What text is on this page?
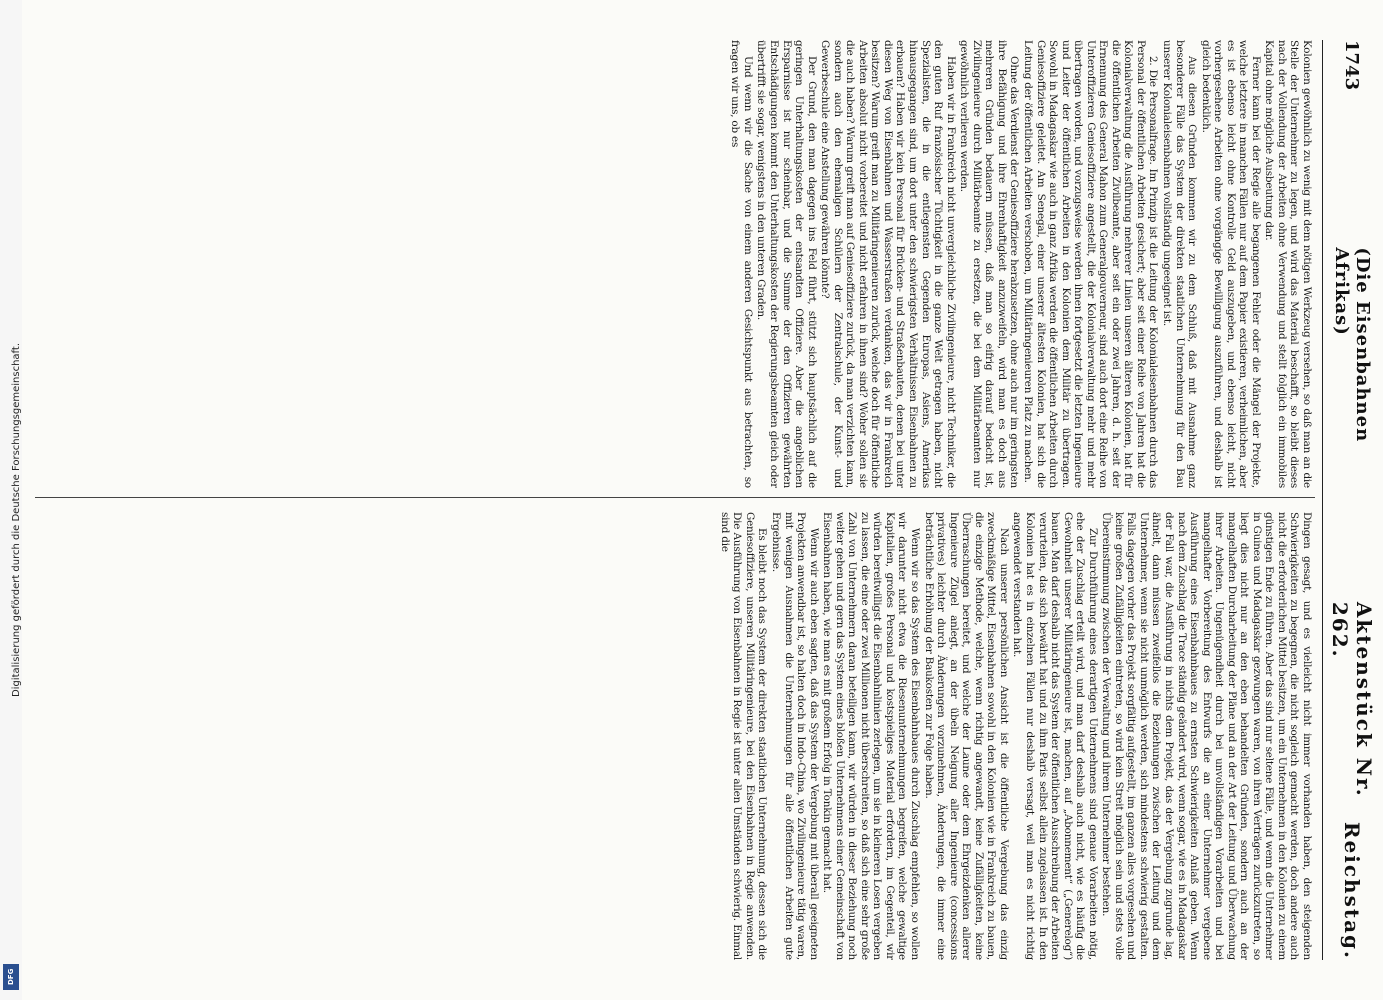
Digitalisierung gefördert durch die Deutsche Forschungsgemeinschaft.
DFG
1743
(Die Eisenbahnen Afrikas)
Aktenstück Nr. 262.
Reichstag.

Dingen gesagt, und es vielleicht nicht immer vorhanden haben, den steigenden Schwierigkeiten zu begegnen, die nicht sogleich gemacht werden, doch andere auch nicht die erforderlichen Mittel besitzen, um ein Unternehmen in den Kolonien zu einem günstigen Ende zu führen. Aber das sind nur seltene Fälle, und wenn die Unternehmer in Guinea und Madagaskar gezwungen waren, von ihren Verträgen zurückzutreten, so liegt dies nicht nur an den eben behandelten Gründen, sondern auch an der mangelhaften Durcharbeitung der Pläne und an der Art der Leitung und Überwachung ihrer Arbeiten. Ungenügendheit durch bei unvollständigen Vorarbeiten und bei mangelhafter Vorbereitung des Entwurfs die an einer Unternehmer vergebene Ausführung eines Eisenbahnbaues zu ernsten Schwierigkeiten Anlaß geben. Wenn nach dem Zuschlag die Trace ständig geändert wird, wenn sogar, wie es in Madagaskar der Fall war, die Ausführung in nichts dem Projekt, das der Vergebung zugrunde lag, ähnelt, dann müssen zweifellos die Beziehungen zwischen der Leitung und dem Unternehmer, wenn sie nicht unmöglich werden, sich mindestens schwierig gestalten. Falls dagegen vorher das Projekt sorgfältig aufgestellt, im ganzen alles vorgesehen und keine großen Zufälligkeiten eintreten, so wird kein Streit möglich sein und stets volle Übereinstimmung zwischen der Verwaltung und ihrem Unternehmer bestehen.

Zur Durchführung eines derartigen Unternehmens sind genaue Vorarbeiten nötig, ehe der Zuschlag erteilt wird, und man darf deshalb auch nicht, wie es häufig die Gewohnheit unserer Militäringenieure ist, machen, auf „Abonnement“ („Generelog“) bauen. Man darf deshalb nicht das System der öffentlichen Ausschreibung der Arbeiten verurteilen, das sich bewährt hat und zu ihm Paris selbst allein zugelassen ist. In den Kolonien hat es in einzelnen Fällen nur deshalb versagt, weil man es nicht richtig angewendet verstanden hat.

Nach unserer persönlichen Ansicht ist die öffentliche Vergebung das einzig zweckmäßige Mittel, Eisenbahnen sowohl in den Kolonien wie in Frankreich zu bauen, die einzige Methode, welche, wenn richtig angewandt, keine Zufälligkeiten, keine Überraschungen bereitet, und welche der Laune oder dem Ehrgeizdenken allerer Ingenieure Zügel anlegt, an der übeln Neigung aller Ingenieure (concessions privatives) leichter durch Änderungen vorzunehmen, Änderungen, die immer eine beträchtliche Erhöhung der Baukosten zur Folge haben.

Wenn wir so das System des Eisenbahnbaues durch Zuschlag empfehlen, so wollen wir darunter nicht etwa die Riesenunternehmungen begreifen, welche gewaltige Kapitalien, großes Personal und kostspieliges Material erfordern, im Gegenteil, wir würden bereitwilligst die Eisenbahnlinien zerlegen, um sie in kleineren Losen vergeben zu lassen, die eine oder zwei Millionen nicht überschreiten, so daß sich eine sehr große Zahl von Unternehmern daran beteiligen kann, wir würden in dieser Beziehung noch weiter gehen und gern das System eines bloßen Unternehmens einer Gemeinschaft von Eisenbahnen haben, wie man es mit großem Erfolg in Tonkin gemacht hat.

Wenn wir auch eben sagten, daß das System der Vergebung mit überall geeigneten Projekten anwendbar ist, so halten doch in Indo-China, wo Zivilingenieure tätig waren, mit wenigen Ausnahmen die Unternehmungen für alle öffentlichen Arbeiten gute Ergebnisse.

Es bleibt noch das System der direkten staatlichen Unternehmung, dessen sich die Geniesoffiziere, unseren Militäringenieure, bei den Eisenbahnen in Regie anwenden. Die Ausführung von Eisenbahnen in Regie ist unter allen Umständen schwierig. Einmal sind die

Kolonien gewöhnlich zu wenig mit dem nötigen Werkzeug versehen, so daß man an die Stelle der Unternehmer zu legen, und wird das Material beschafft, so bleibt dieses nach der Vollendung der Arbeiten ohne Verwendung und stellt folglich ein immobiles Kapital ohne mögliche Ausbeutung dar.

Ferner kann bei der Regie alle begangenen Fehler oder die Mängel der Projekte, welche letztere in manchen Fällen nur auf dem Papier existieren, verheimlichen, aber es ist ebenso leicht ohne Kontrolle Geld auszugeben, und ebenso leicht, nicht vorhergesehene Arbeiten ohne vorgängige Bewilligung auszuführen, und deshalb ist gleich bedenklich.

Aus diesen Gründen kommen wir zu dem Schluß, daß mit Ausnahme ganz besonderer Fälle das System der direkten staatlichen Unternehmung für den Bau unserer Kolonialeisenbahnen vollständig ungeeignet ist.

2. Die Personalfrage. Im Prinzip ist die Leitung der Kolonialeisenbahnen durch das Personal der öffentlichen Arbeiten gesichert; aber seit einer Reihe von Jahren hat die Kolonialverwaltung die Ausführung mehrerer Linien unseren älteren Kolonien, hat für die öffentlichen Arbeiten Zivilbeamte, aber seit ein oder zwei Jahren, d. h. seit der Ernennung des General Mahon zum Generalgouverneur, sind auch dort eine Reihe von Unteroffizieren Geniesoffiziere angestellt, die der Kolonialverwaltung mehr und mehr übertragen worden, und vorzugsweise werden ihnen fortgesetzt die letzten Ingenieure und Leiter der öffentlichen Arbeiten in den Kolonien dem Militär zu übertragen. Sowohl in Madagaskar wie auch in ganz Afrika werden die öffentlichen Arbeiten durch Geniesoffiziere geleitet. Am Senegal, einer unserer ältesten Kolonien, hat sich die Leitung der öffentlichen Arbeiten verschoben, um Militäringenieuren Platz zu machen.

Ohne das Verdienst der Geniesoffiziere herabzusetzen, ohne auch nur im geringsten ihre Befähigung und ihre Ehrenhaftigkeit anzuzweifeln, wird man es doch aus mehreren Gründen bedauern müssen, daß man so eifrig darauf bedacht ist, Zivilingenieure durch Militärbeamte zu ersetzen, die bei dem Militärbeamten nur gewöhnlich verlieren werden.

Haben wir in Frankreich nicht unvergleichliche Zivilingenieure, nicht Techniker, die den guten Ruf französischer Tüchtigkeit in die ganze Welt getragen haben, nicht Spezialisten, die in die entlegensten Gegenden Europas, Asiens, Amerikas hinausgegangen sind, um dort unter den schwierigsten Verhältnissen Eisenbahnen zu erbauen? Haben wir kein Personal für Brücken- und Straßenbauten, denen bei unter diesen Weg von Eisenbahnen und Wasserstraßen verdanken, das wir in Frankreich besitzen? Warum greift man zu Militäringenieuren zurück, welche doch für öffentliche Arbeiten absolut nicht vorbereitet und nicht erfahren in ihnen sind? Woher sollen sie die auch haben? Warum greift man auf Geniesoffiziere zurück, da man verzichten kann, sondern auch den ehemaligen Schülern der Zentralschule, der Kunst- und Gewerbeschule eine Anstellung gewähren könnte?

Der Grund, den man dagegen ins Feld führt, stützt sich hauptsächlich auf die geringen Unterhaltungskosten der entsandten Offiziere. Aber die angeblichen Ersparnisse ist nur scheinbar, und die Summe der den Offizieren gewährten Entschädigungen kommt den Unterhaltungskosten der Regierungsbeamten gleich oder übertrifft sie sogar, wenigstens in den unteren Graden.

Und wenn wir die Sache von einem anderen Gesichtspunkt aus betrachten, so fragen wir uns, ob es
